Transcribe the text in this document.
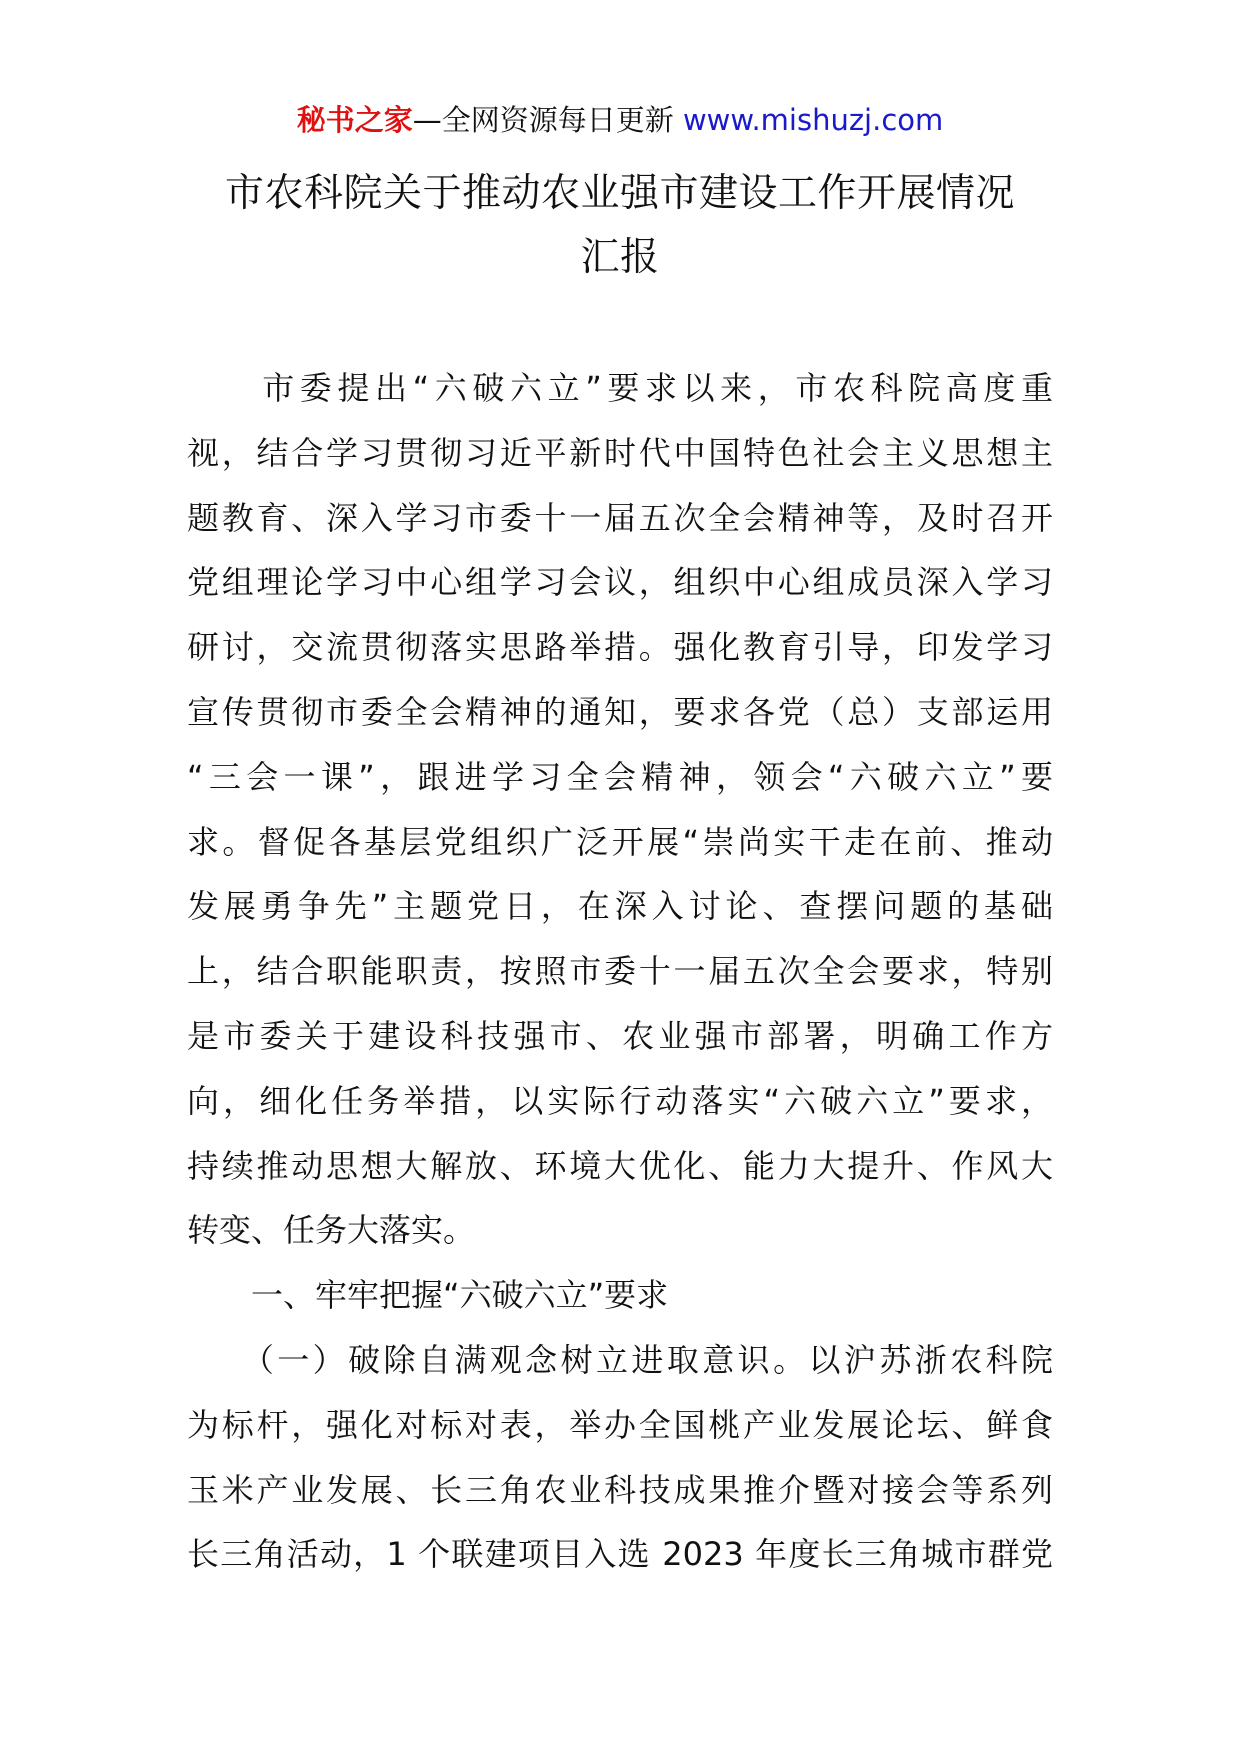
秘书之家—全网资源每日更新 www.mishuzj.com
市农科院关于推动农业强市建设工作开展情况
汇报
　　市委提出“六破六立”要求以来，市农科院高度重
视，结合学习贯彻习近平新时代中国特色社会主义思想主
题教育、深入学习市委十一届五次全会精神等，及时召开
党组理论学习中心组学习会议，组织中心组成员深入学习
研讨，交流贯彻落实思路举措。强化教育引导，印发学习
宣传贯彻市委全会精神的通知，要求各党（总）支部运用
“三会一课”，跟进学习全会精神，领会“六破六立”要
求。督促各基层党组织广泛开展“崇尚实干走在前、推动
发展勇争先”主题党日，在深入讨论、查摆问题的基础
上，结合职能职责，按照市委十一届五次全会要求，特别
是市委关于建设科技强市、农业强市部署，明确工作方
向，细化任务举措，以实际行动落实“六破六立”要求，
持续推动思想大解放、环境大优化、能力大提升、作风大
转变、任务大落实。
　　一、牢牢把握“六破六立”要求
　　（一）破除自满观念树立进取意识。以沪苏浙农科院
为标杆，强化对标对表，举办全国桃产业发展论坛、鲜食
玉米产业发展、长三角农业科技成果推介暨对接会等系列
长三角活动，1 个联建项目入选 2023 年度长三角城市群党
